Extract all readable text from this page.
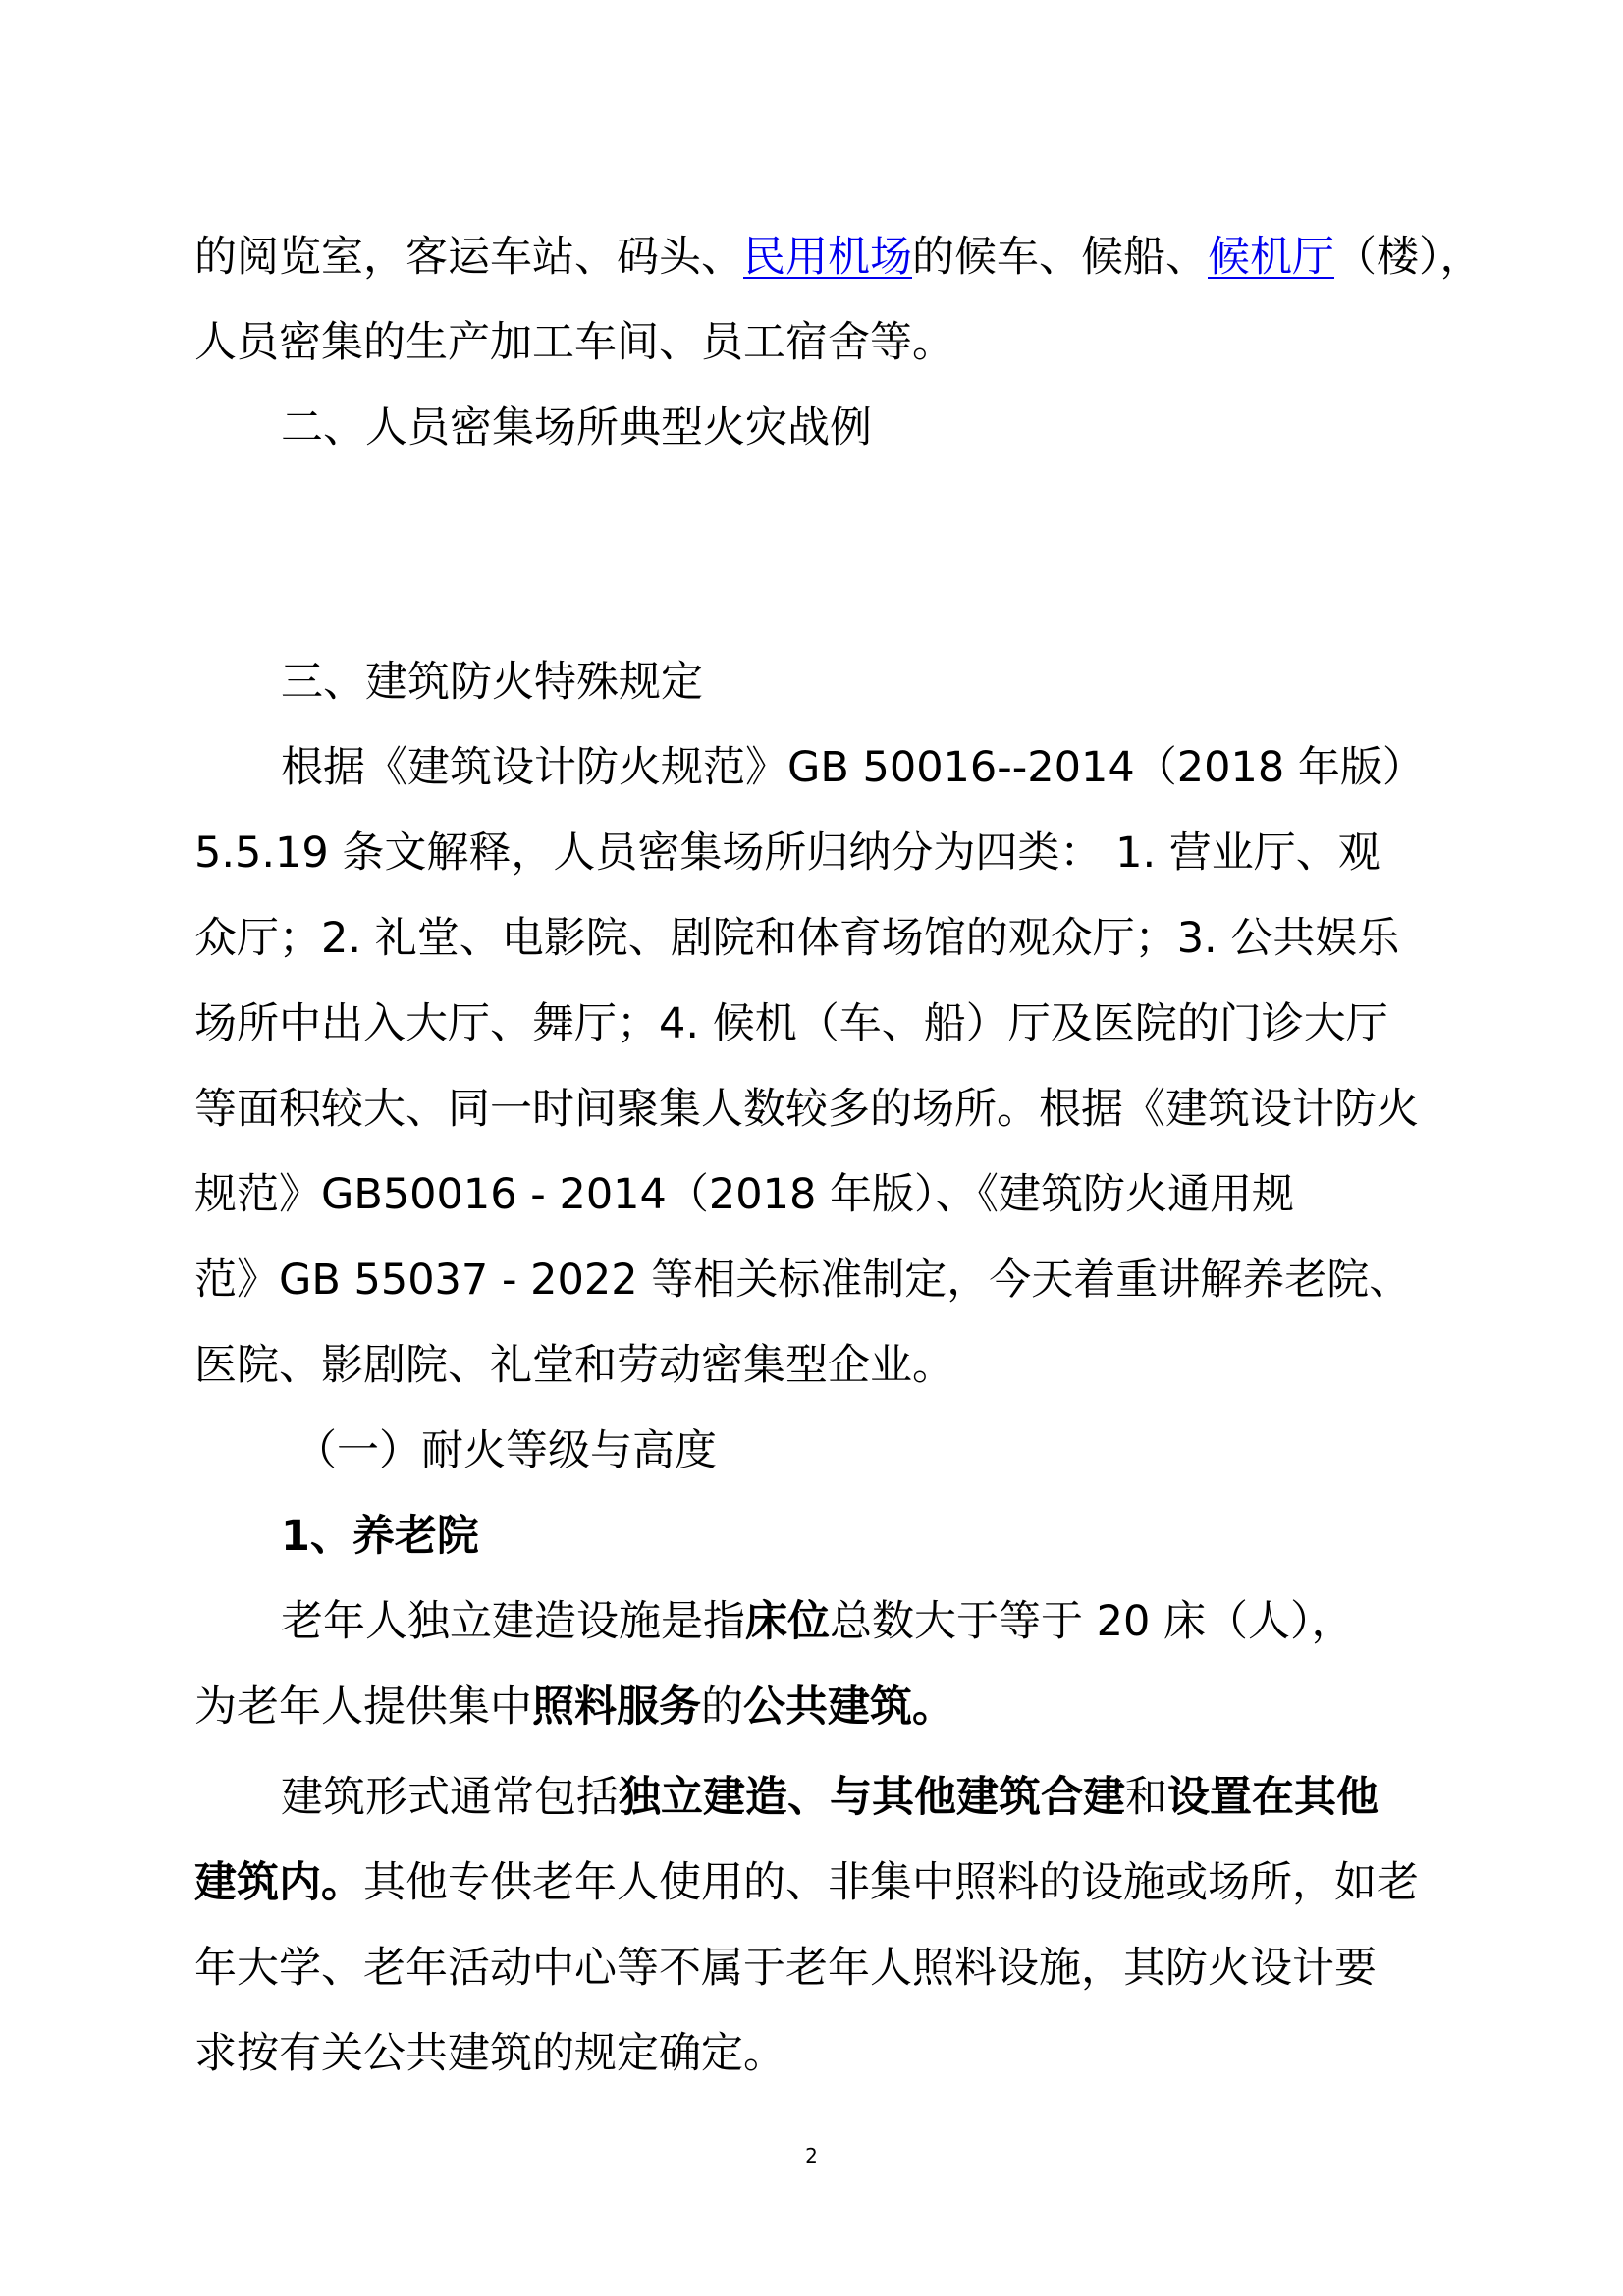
的阅览室，客运车站、码头、民用机场的候车、候船、候机厅（楼），
人员密集的生产加工车间、员工宿舍等。
二、人员密集场所典型火灾战例
三、建筑防火特殊规定
根据《建筑设计防火规范》GB 50016--2014（2018 年版）
5.5.19 条文解释，人员密集场所归纳分为四类： 1. 营业厅、观
众厅；2. 礼堂、电影院、剧院和体育场馆的观众厅；3. 公共娱乐
场所中出入大厅、舞厅；4. 候机（车、船）厅及医院的门诊大厅
等面积较大、同一时间聚集人数较多的场所。根据《建筑设计防火
规范》GB50016 - 2014（2018 年版）、《建筑防火通用规
范》GB 55037 - 2022 等相关标准制定，今天着重讲解养老院、
医院、影剧院、礼堂和劳动密集型企业。
（一）耐火等级与高度
1、养老院
老年人独立建造设施是指床位总数大于等于 20 床（人），
为老年人提供集中照料服务的公共建筑。
建筑形式通常包括独立建造、与其他建筑合建和设置在其他
建筑内。其他专供老年人使用的、非集中照料的设施或场所，如老
年大学、老年活动中心等不属于老年人照料设施，其防火设计要
求按有关公共建筑的规定确定。
2
